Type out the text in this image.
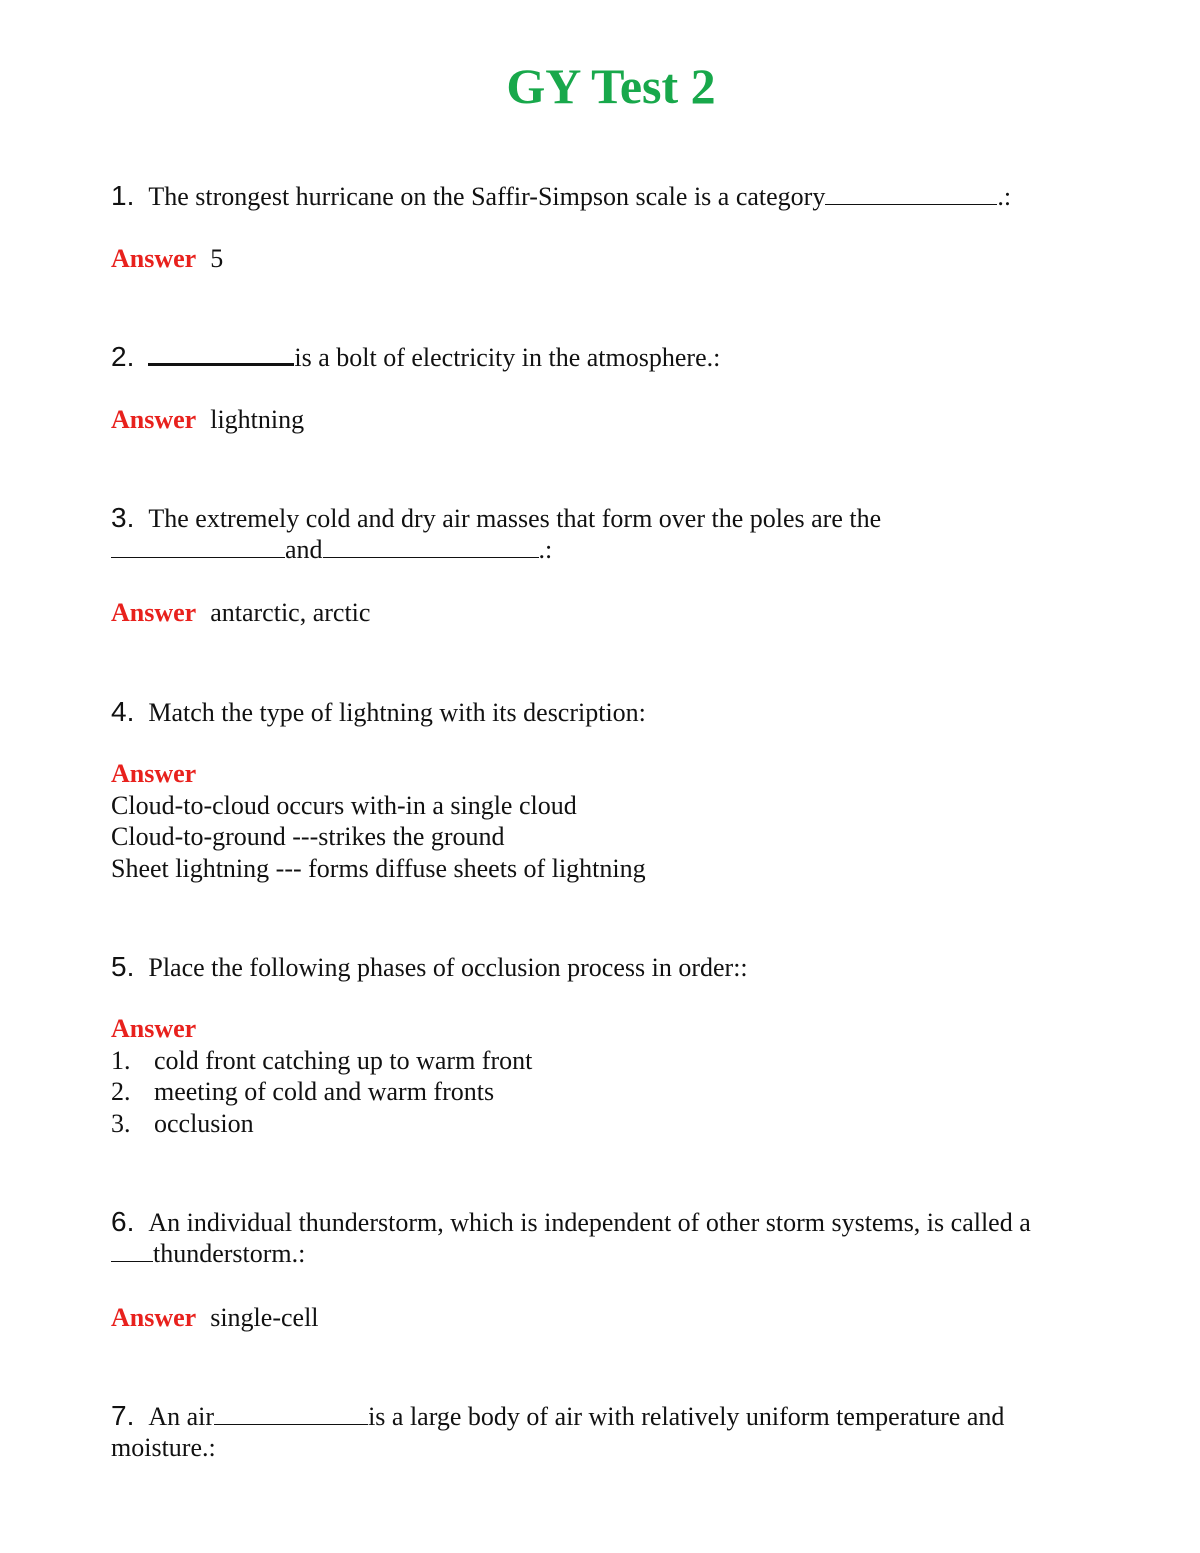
GY Test 2
1. The strongest hurricane on the Saffir-Simpson scale is a category	.:
Answer 5
2.	is a bolt of electricity in the atmosphere.:
Answer lightning
3. The extremely cold and dry air masses that form over the poles are the
and	.:
Answer antarctic, arctic
4. Match the type of lightning with its description:
Answer
Cloud-to-cloud occurs with-in a single cloud
Cloud-to-ground ---strikes the ground
Sheet lightning --- forms diffuse sheets of lightning
5. Place the following phases of occlusion process in order::
Answer
1. cold front catching up to warm front
2. meeting of cold and warm fronts
3. occlusion
6. An individual thunderstorm, which is independent of other storm systems, is called a
thunderstorm.:
Answer single-cell
7. An air	is a large body of air with relatively uniform temperature and
moisture.:
